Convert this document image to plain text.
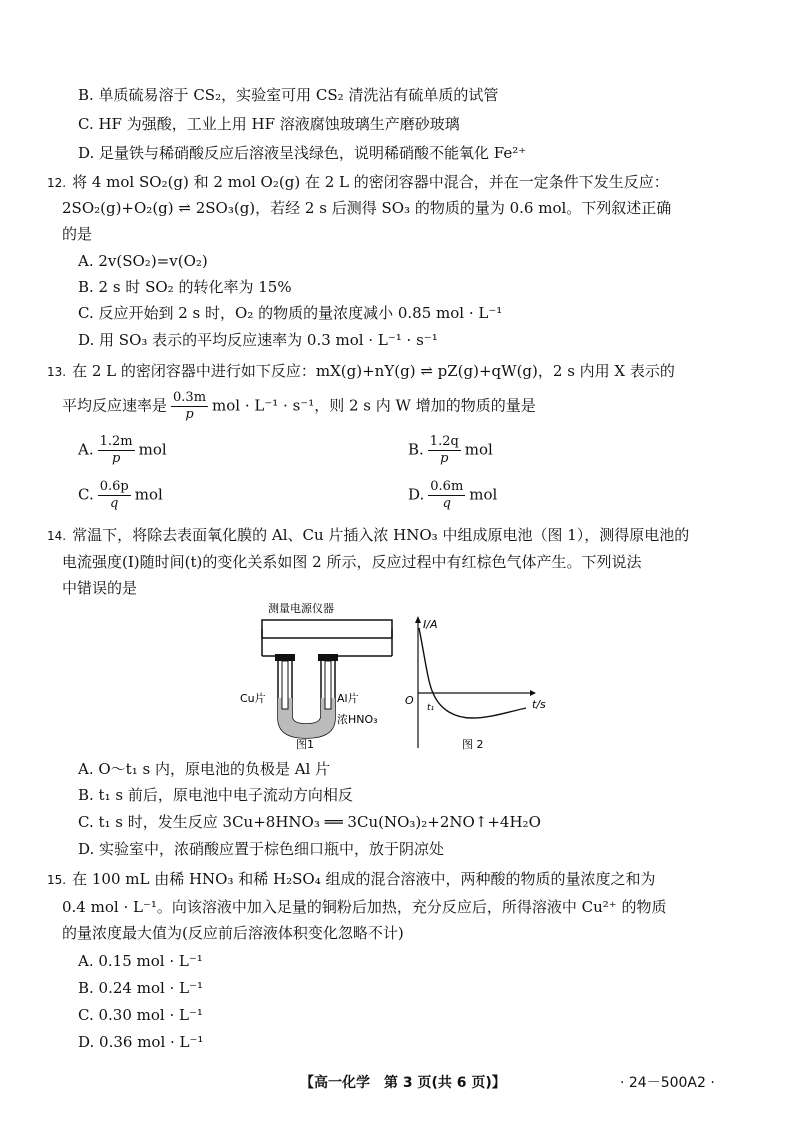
B. 单质硫易溶于 CS₂，实验室可用 CS₂ 清洗沾有硫单质的试管
C. HF 为强酸，工业上用 HF 溶液腐蚀玻璃生产磨砂玻璃
D. 足量铁与稀硝酸反应后溶液呈浅绿色，说明稀硝酸不能氧化 Fe²⁺
12. 将 4 mol SO₂(g) 和 2 mol O₂(g) 在 2 L 的密闭容器中混合，并在一定条件下发生反应：
2SO₂(g)+O₂(g) ⇌ 2SO₃(g)，若经 2 s 后测得 SO₃ 的物质的量为 0.6 mol。下列叙述正确
的是
A. 2v(SO₂)=v(O₂)
B. 2 s 时 SO₂ 的转化率为 15%
C. 反应开始到 2 s 时，O₂ 的物质的量浓度减小 0.85 mol · L⁻¹
D. 用 SO₃ 表示的平均反应速率为 0.3 mol · L⁻¹ · s⁻¹
13. 在 2 L 的密闭容器中进行如下反应：mX(g)+nY(g) ⇌ pZ(g)+qW(g)，2 s 内用 X 表示的
平均反应速率是 $\frac{0.3m}{p}$ mol · L⁻¹ · s⁻¹，则 2 s 内 W 增加的物质的量是
A. $\frac{1.2m}{p}$ mol	B. $\frac{1.2q}{p}$ mol
C. $\frac{0.6p}{q}$ mol	D. $\frac{0.6m}{q}$ mol
14. 常温下，将除去表面氧化膜的 Al、Cu 片插入浓 HNO₃ 中组成原电池（图 1），测得原电池的
电流强度(I)随时间(t)的变化关系如图 2 所示，反应过程中有红棕色气体产生。下列说法
中错误的是
测量电源仪器
Cu片	Al片
浓HNO₃
图1
I/A
t/s
O
t₁
图 2
A. O～t₁ s 内，原电池的负极是 Al 片
B. t₁ s 前后，原电池中电子流动方向相反
C. t₁ s 时，发生反应 3Cu+8HNO₃ ══ 3Cu(NO₃)₂+2NO↑+4H₂O
D. 实验室中，浓硝酸应置于棕色细口瓶中，放于阴凉处
15. 在 100 mL 由稀 HNO₃ 和稀 H₂SO₄ 组成的混合溶液中，两种酸的物质的量浓度之和为
0.4 mol · L⁻¹。向该溶液中加入足量的铜粉后加热，充分反应后，所得溶液中 Cu²⁺ 的物质
的量浓度最大值为(反应前后溶液体积变化忽略不计)
A. 0.15 mol · L⁻¹
B. 0.24 mol · L⁻¹
C. 0.30 mol · L⁻¹
D. 0.36 mol · L⁻¹
【高一化学　第 3 页(共 6 页)】	· 24－500A2 ·
